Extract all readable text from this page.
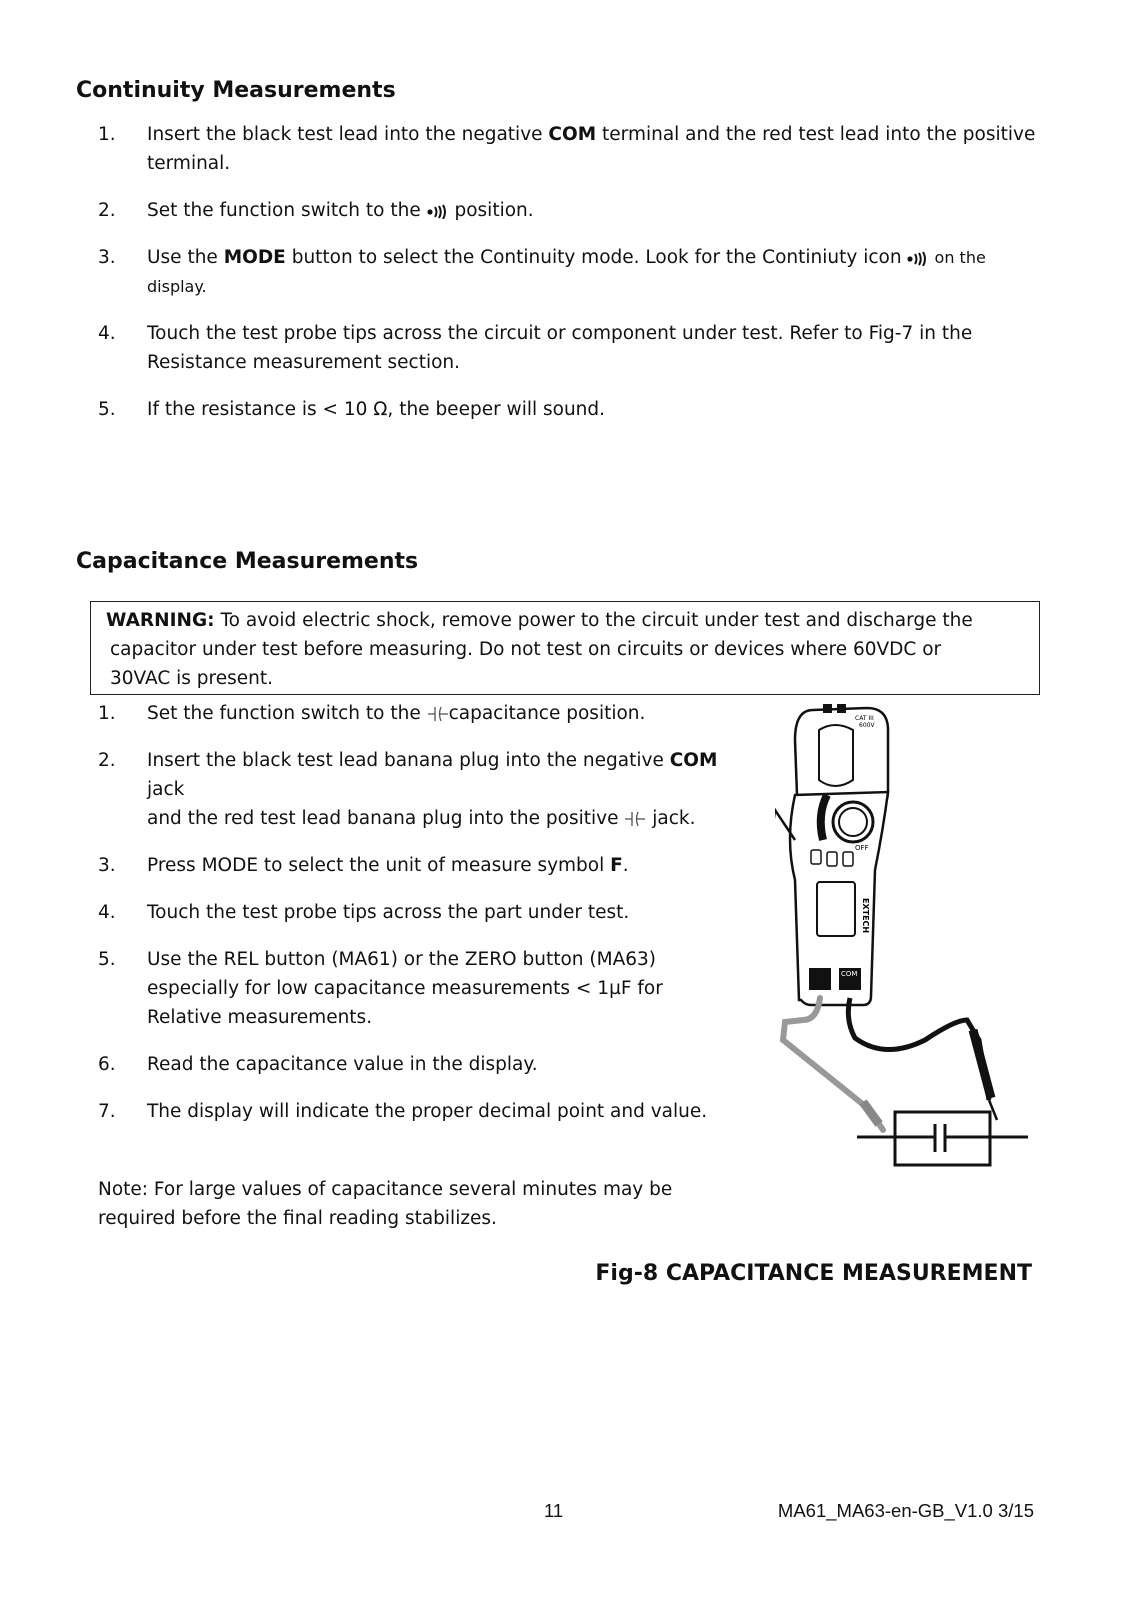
Continuity Measurements
1. Insert the black test lead into the negative COM terminal and the red test lead into the positive terminal.
2. Set the function switch to the  position.
3. Use the MODE button to select the Continuity mode. Look for the Continiuty icon  on the
display.
4. Touch the test probe tips across the circuit or component under test. Refer to Fig-7 in the Resistance measurement section.
5. If the resistance is < 10 Ω, the beeper will sound.
Capacitance Measurements
WARNING: To avoid electric shock, remove power to the circuit under test and discharge the
capacitor under test before measuring. Do not test on circuits or devices where 60VDC or
30VAC is present.
1. Set the function switch to the capacitance position.
2. Insert the black test lead banana plug into the negative COM
jack
and the red test lead banana plug into the positive  jack.
3. Press MODE to select the unit of measure symbol F.
4. Touch the test probe tips across the part under test.
5. Use the REL button (MA61) or the ZERO button (MA63)
especially for low capacitance measurements < 1µF for
Relative measurements.
6. Read the capacitance value in the display.
7. The display will indicate the proper decimal point and value.
Note: For large values of capacitance several minutes may be
required before the final reading stabilizes.
CAT III
600V
OFF
EXTECH
COM
Fig-8 CAPACITANCE MEASUREMENT
11	MA61_MA63-en-GB_V1.0 3/15
